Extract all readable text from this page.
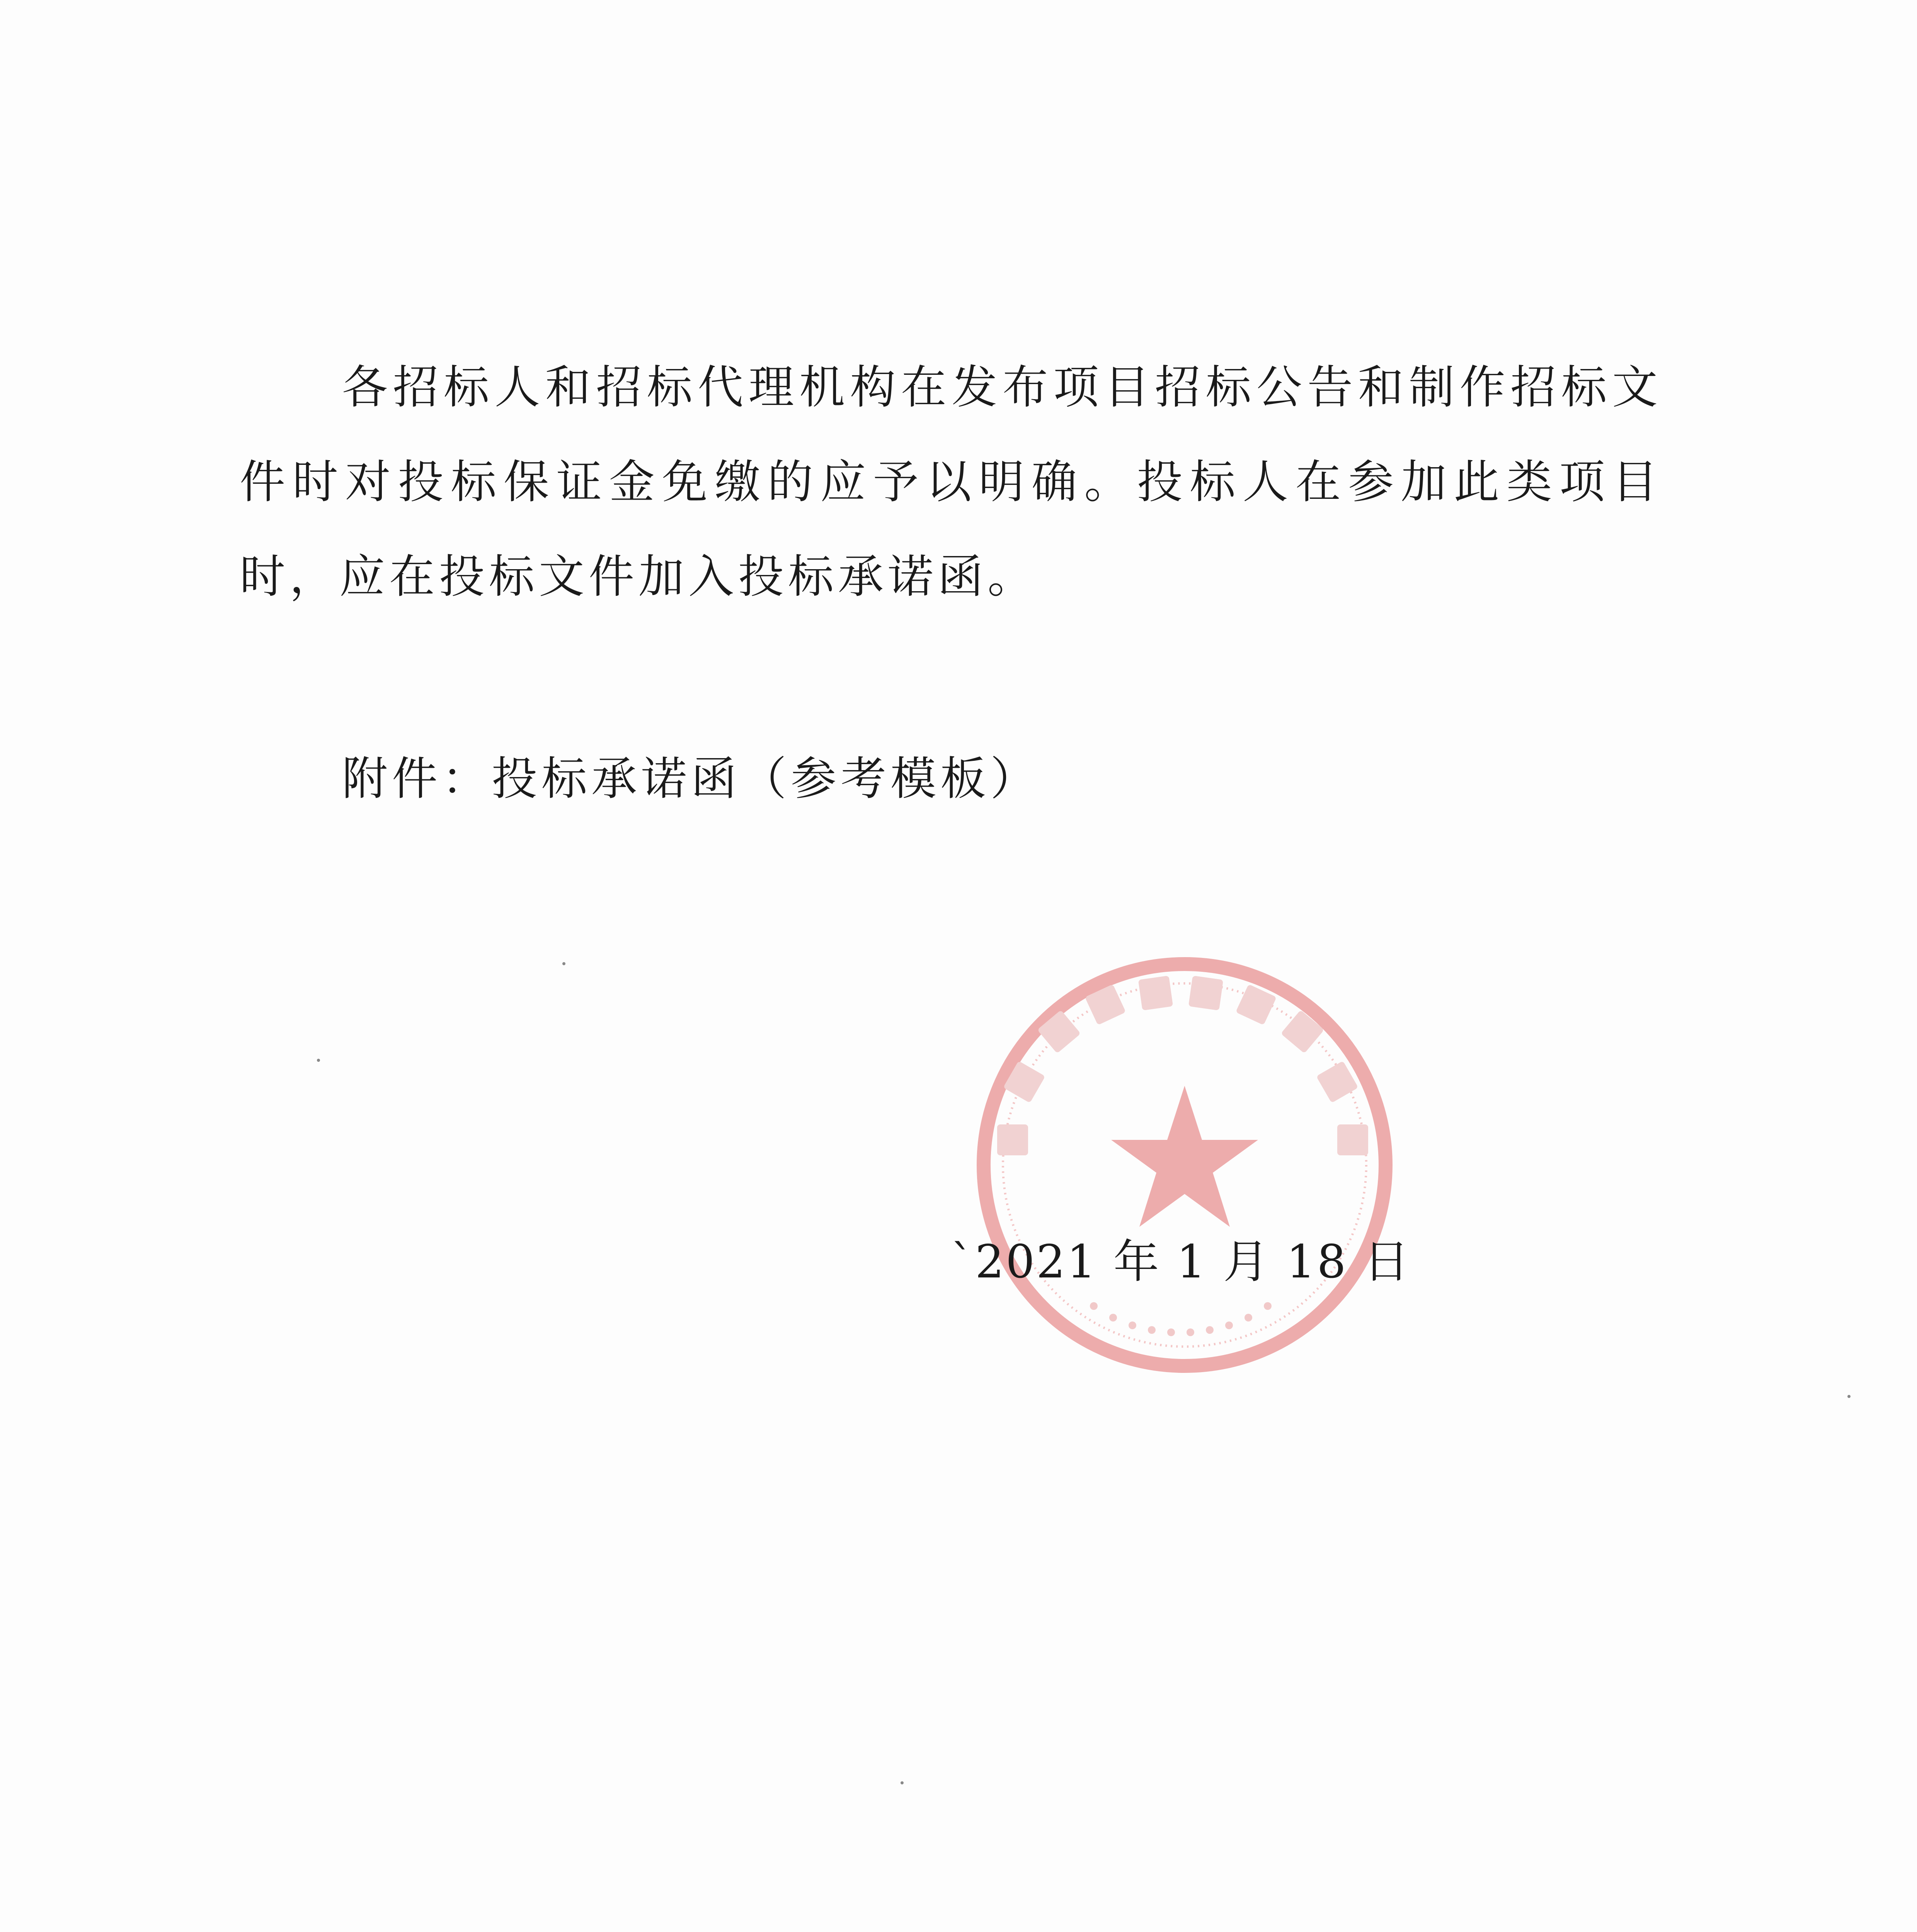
各招标人和招标代理机构在发布项目招标公告和制作招标文件时对投标保证金免缴的应予以明确。投标人在参加此类项目时，应在投标文件加入投标承诺函。

附件：投标承诺函（参考模板）

`2021 年 1 月 18 日
